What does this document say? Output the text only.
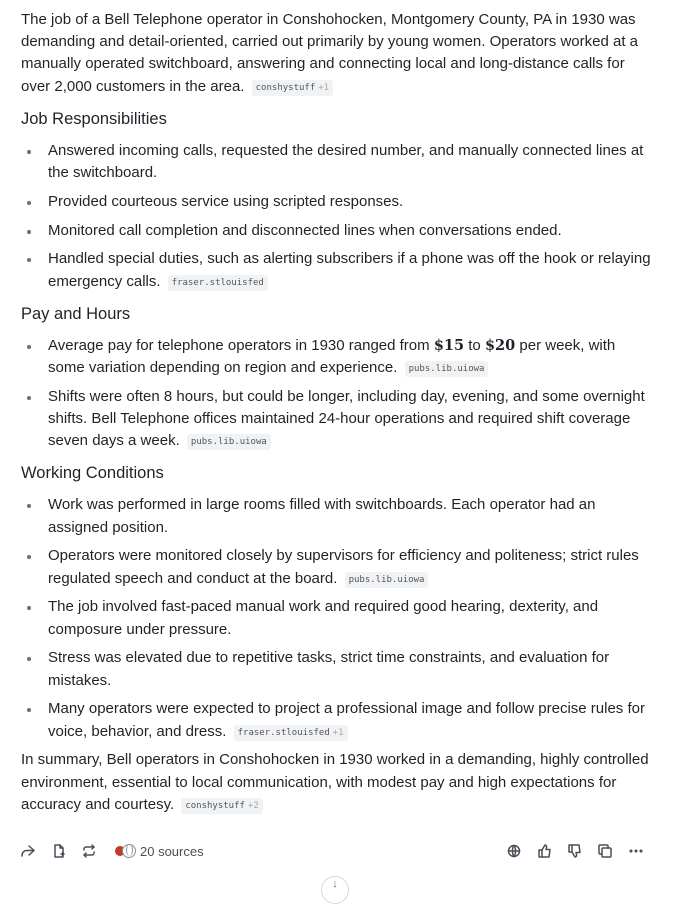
The job of a Bell Telephone operator in Conshohocken, Montgomery County, PA in 1930 was demanding and detail-oriented, carried out primarily by young women. Operators worked at a manually operated switchboard, answering and connecting local and long-distance calls for over 2,000 customers in the area. conshystuff +1

Job Responsibilities
Answered incoming calls, requested the desired number, and manually connected lines at the switchboard.
Provided courteous service using scripted responses.
Monitored call completion and disconnected lines when conversations ended.
Handled special duties, such as alerting subscribers if a phone was off the hook or relaying emergency calls. fraser.stlouisfed
Pay and Hours
Average pay for telephone operators in 1930 ranged from $15 to $20 per week, with some variation depending on region and experience. pubs.lib.uiowa
Shifts were often 8 hours, but could be longer, including day, evening, and some overnight shifts. Bell Telephone offices maintained 24-hour operations and required shift coverage seven days a week. pubs.lib.uiowa
Working Conditions
Work was performed in large rooms filled with switchboards. Each operator had an assigned position.
Operators were monitored closely by supervisors for efficiency and politeness; strict rules regulated speech and conduct at the board. pubs.lib.uiowa
The job involved fast-paced manual work and required good hearing, dexterity, and composure under pressure.
Stress was elevated due to repetitive tasks, strict time constraints, and evaluation for mistakes.
Many operators were expected to project a professional image and follow precise rules for voice, behavior, and dress. fraser.stlouisfed +1

In summary, Bell operators in Conshohocken in 1930 worked in a demanding, highly controlled environment, essential to local communication, with modest pay and high expectations for accuracy and courtesy. conshystuff +2

20 sources
↓
